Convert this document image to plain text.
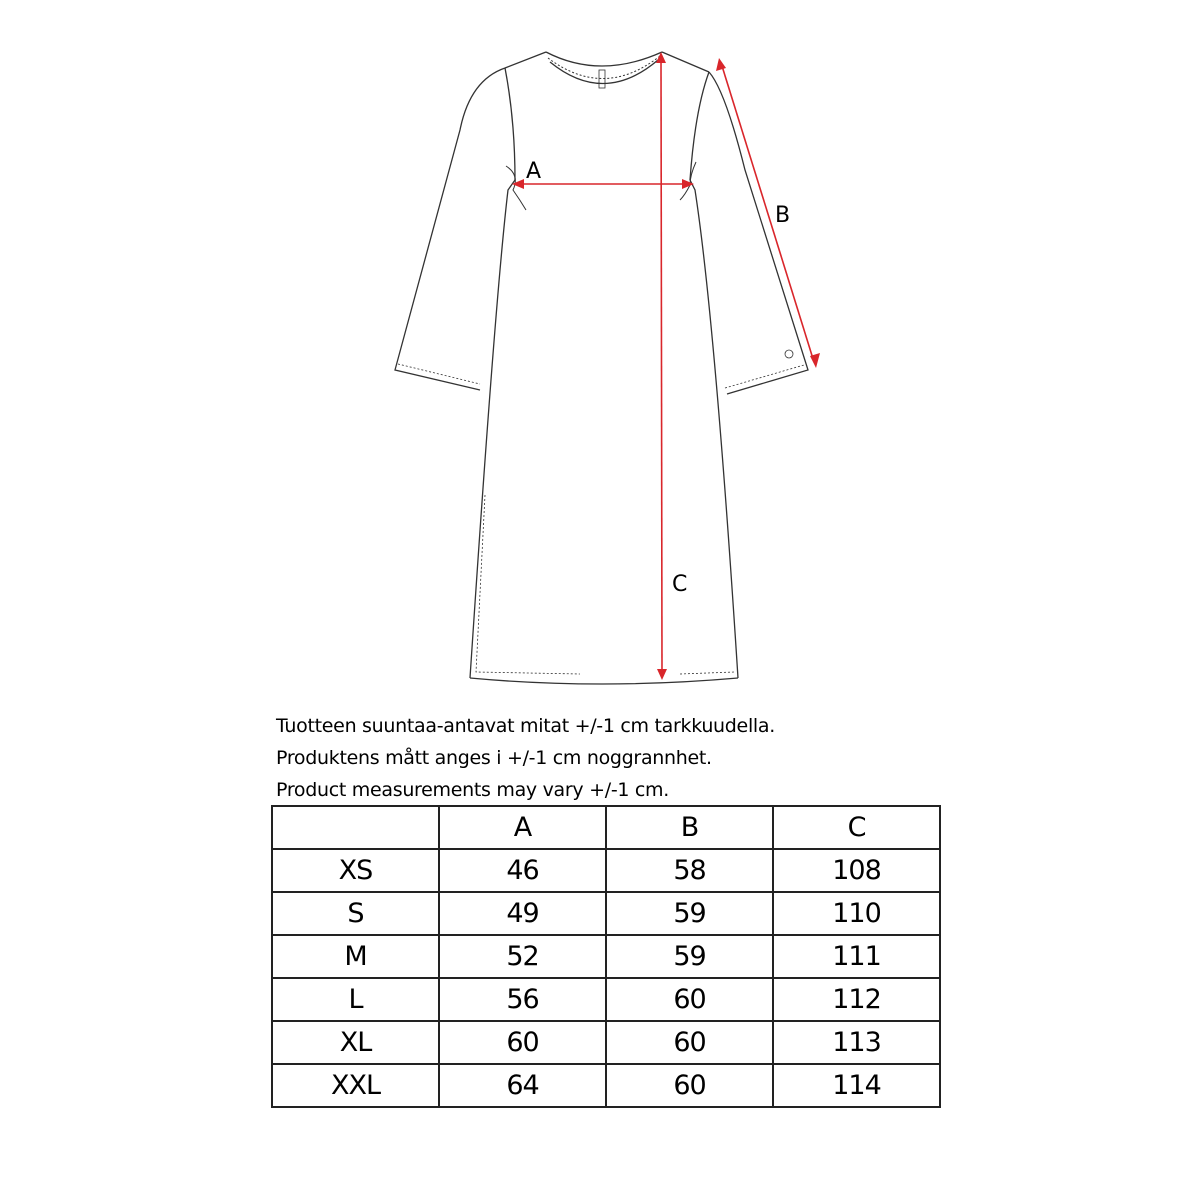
A
B
C
Tuotteen suuntaa-antavat mitat +/-1 cm tarkkuudella.
Produktens mått anges i +/-1 cm noggrannhet.
Product measurements may vary +/-1 cm.
	A	B	C
XS	46	58	108
S	49	59	110
M	52	59	111
L	56	60	112
XL	60	60	113
XXL	64	60	114
